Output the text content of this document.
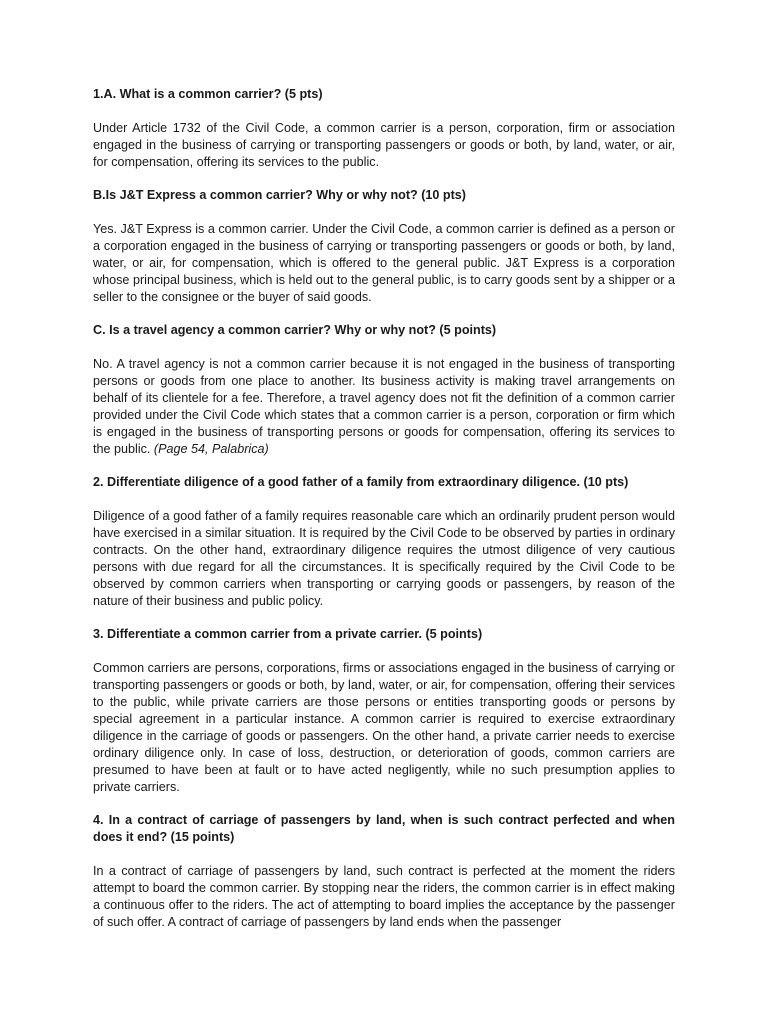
1.A. What is a common carrier? (5 pts)

Under Article 1732 of the Civil Code, a common carrier is a person, corporation, firm or association engaged in the business of carrying or transporting passengers or goods or both, by land, water, or air, for compensation, offering its services to the public.

B.Is J&T Express a common carrier? Why or why not? (10 pts)

Yes. J&T Express is a common carrier. Under the Civil Code, a common carrier is defined as a person or a corporation engaged in the business of carrying or transporting passengers or goods or both, by land, water, or air, for compensation, which is offered to the general public. J&T Express is a corporation whose principal business, which is held out to the general public, is to carry goods sent by a shipper or a seller to the consignee or the buyer of said goods.

C. Is a travel agency a common carrier? Why or why not? (5 points)

No. A travel agency is not a common carrier because it is not engaged in the business of transporting persons or goods from one place to another. Its business activity is making travel arrangements on behalf of its clientele for a fee. Therefore, a travel agency does not fit the definition of a common carrier provided under the Civil Code which states that a common carrier is a person, corporation or firm which is engaged in the business of transporting persons or goods for compensation, offering its services to the public. (Page 54, Palabrica)

2. Differentiate diligence of a good father of a family from extraordinary diligence. (10 pts)

Diligence of a good father of a family requires reasonable care which an ordinarily prudent person would have exercised in a similar situation. It is required by the Civil Code to be observed by parties in ordinary contracts. On the other hand, extraordinary diligence requires the utmost diligence of very cautious persons with due regard for all the circumstances. It is specifically required by the Civil Code to be observed by common carriers when transporting or carrying goods or passengers, by reason of the nature of their business and public policy.

3. Differentiate a common carrier from a private carrier. (5 points)

Common carriers are persons, corporations, firms or associations engaged in the business of carrying or transporting passengers or goods or both, by land, water, or air, for compensation, offering their services to the public, while private carriers are those persons or entities transporting goods or persons by special agreement in a particular instance. A common carrier is required to exercise extraordinary diligence in the carriage of goods or passengers. On the other hand, a private carrier needs to exercise ordinary diligence only. In case of loss, destruction, or deterioration of goods, common carriers are presumed to have been at fault or to have acted negligently, while no such presumption applies to private carriers.

4. In a contract of carriage of passengers by land, when is such contract perfected and when does it end? (15 points)

In a contract of carriage of passengers by land, such contract is perfected at the moment the riders attempt to board the common carrier. By stopping near the riders, the common carrier is in effect making a continuous offer to the riders. The act of attempting to board implies the acceptance by the passenger of such offer. A contract of carriage of passengers by land ends when the passenger
